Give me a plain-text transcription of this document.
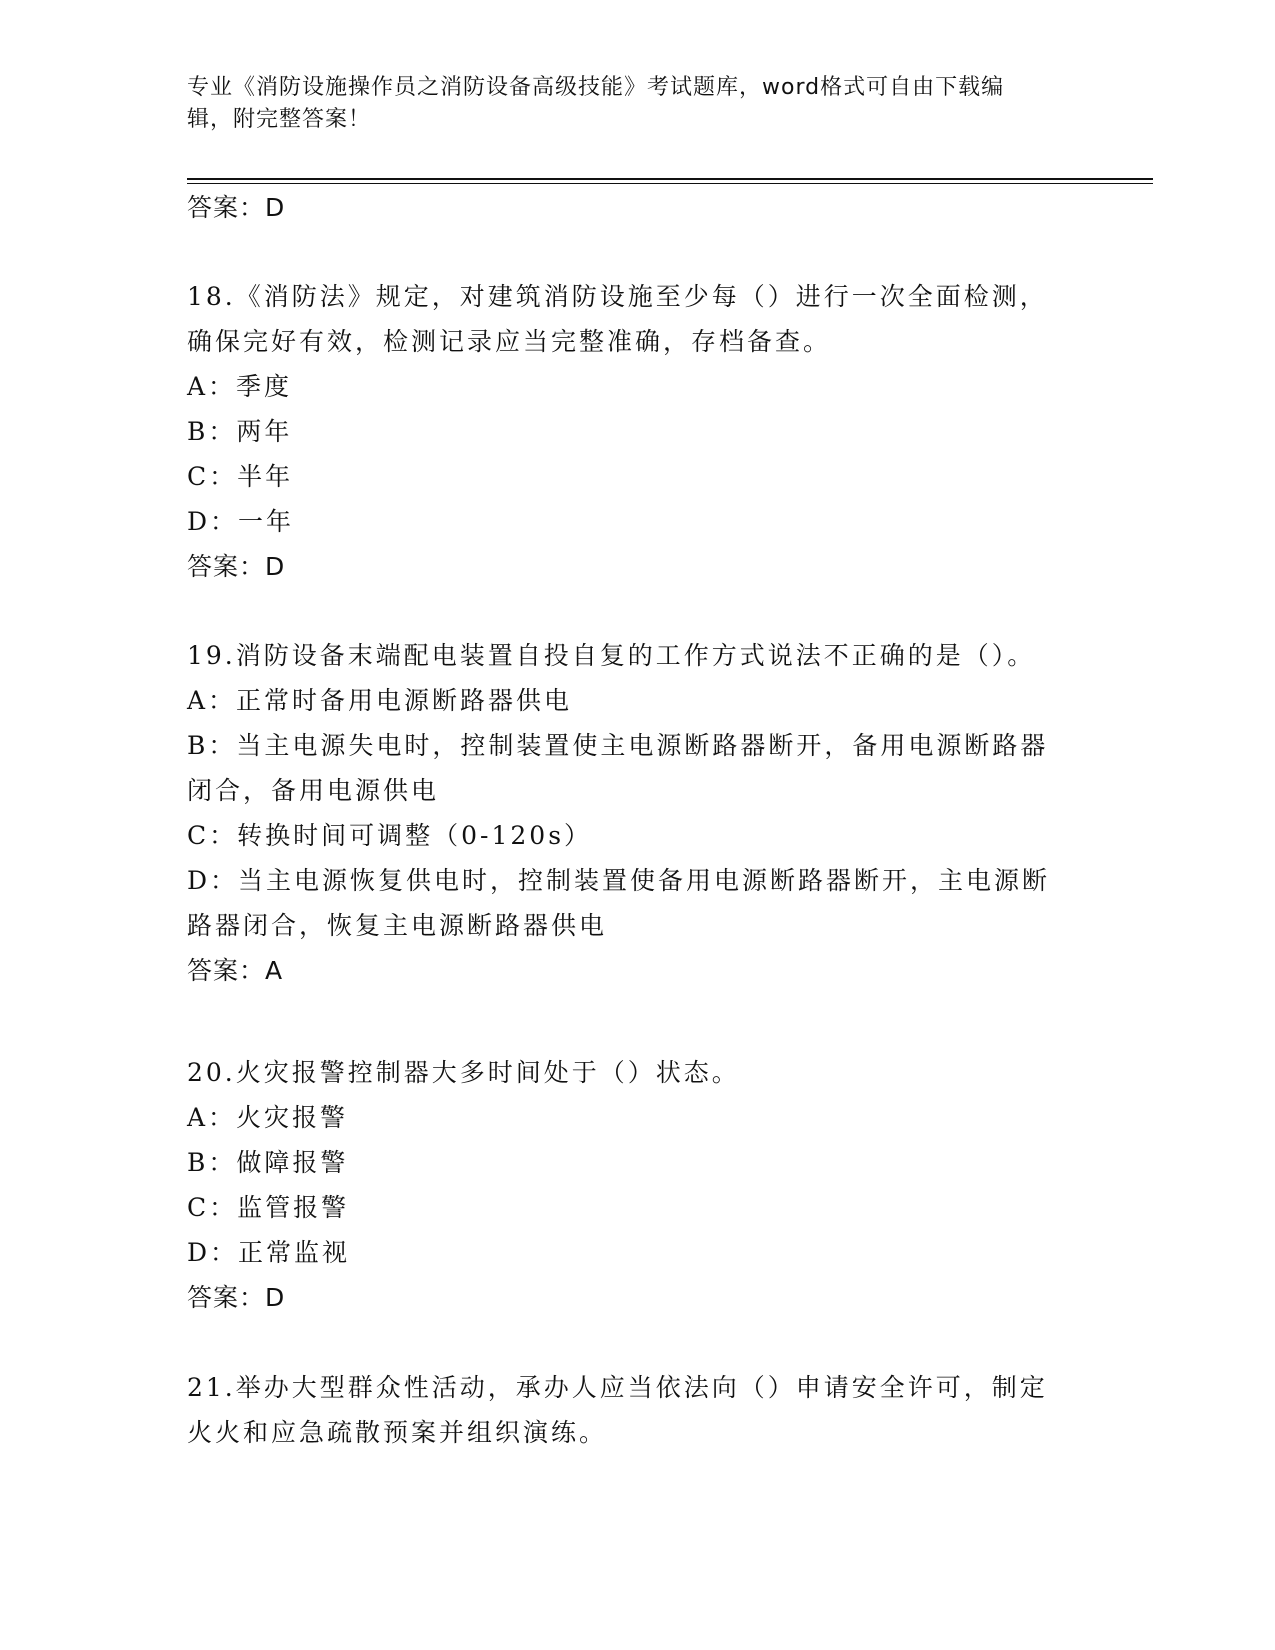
专业《消防设施操作员之消防设备高级技能》考试题库，word格式可自由下载编
辑，附完整答案！
答案：D
18.《消防法》规定，对建筑消防设施至少每（）进行一次全面检测，
确保完好有效，检测记录应当完整准确，存档备查。
A：季度
B：两年
C：半年
D：一年
答案：D
19.消防设备末端配电装置自投自复的工作方式说法不正确的是（）。
A：正常时备用电源断路器供电
B：当主电源失电时，控制装置使主电源断路器断开，备用电源断路器
闭合，备用电源供电
C：转换时间可调整（0-120s）
D：当主电源恢复供电时，控制装置使备用电源断路器断开，主电源断
路器闭合，恢复主电源断路器供电
答案：A
20.火灾报警控制器大多时间处于（）状态。
A：火灾报警
B：做障报警
C：监管报警
D：正常监视
答案：D
21.举办大型群众性活动，承办人应当依法向（）申请安全许可，制定
火火和应急疏散预案并组织演练。
